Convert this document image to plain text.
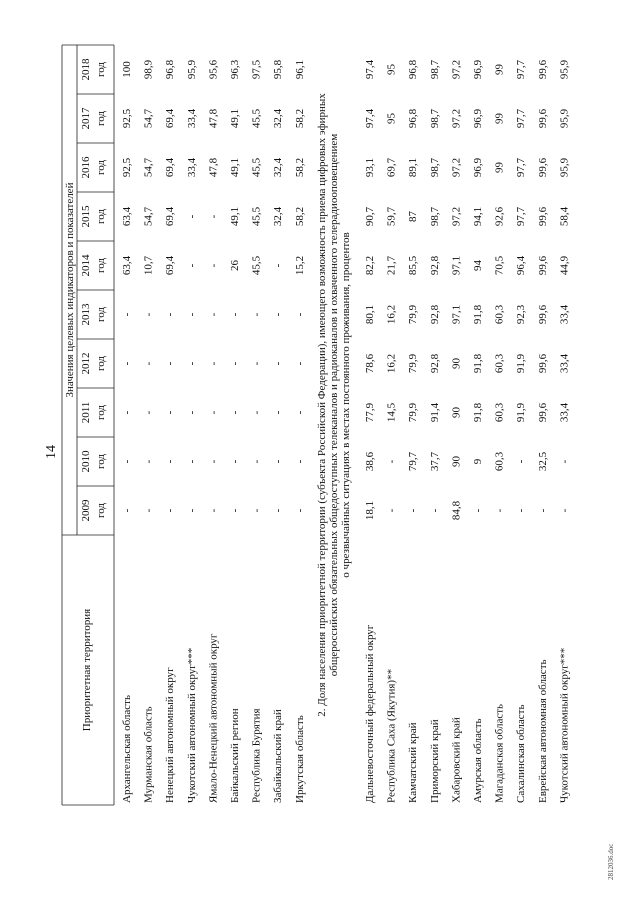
14
2812036.doc
Приоритетная территория
Значения целевых индикаторов и показателей
2009 год
2010 год
2011 год
2012 год
2013 год
2014 год
2015 год
2016 год
2017 год
2018 год
Архангельская область
-
-
-
-
-
63,4
63,4
92,5
92,5
100
Мурманская область
-
-
-
-
-
10,7
54,7
54,7
54,7
98,9
Ненецкий автономный округ
-
-
-
-
-
69,4
69,4
69,4
69,4
96,8
Чукотский автономный округ***
-
-
-
-
-
-
-
33,4
33,4
95,9
Ямало-Ненецкий автономный округ
-
-
-
-
-
-
-
47,8
47,8
95,6
Байкальский регион
-
-
-
-
-
26
49,1
49,1
49,1
96,3
Республика Бурятия
-
-
-
-
-
45,5
45,5
45,5
45,5
97,5
Забайкальский край
-
-
-
-
-
-
32,4
32,4
32,4
95,8
Иркутская область
-
-
-
-
-
15,2
58,2
58,2
58,2
96,1
2. Доля населения приоритетной территории (субъекта Российской Федерации), имеющего возможность приема цифровых эфирных общероссийских обязательных общедоступных телеканалов и радиоканалов и охваченного телерадиооповещением о чрезвычайных ситуациях в местах постоянного проживания, процентов
Дальневосточный федеральный округ
18,1
38,6
77,9
78,6
80,1
82,2
90,7
93,1
97,4
97,4
Республика Саха (Якутия)**
-
-
14,5
16,2
16,2
21,7
59,7
69,7
95
95
Камчатский край
-
79,7
79,9
79,9
79,9
85,5
87
89,1
96,8
96,8
Приморский край
-
37,7
91,4
92,8
92,8
92,8
98,7
98,7
98,7
98,7
Хабаровский край
84,8
90
90
90
97,1
97,1
97,2
97,2
97,2
97,2
Амурская область
-
9
91,8
91,8
91,8
94
94,1
96,9
96,9
96,9
Магаданская область
-
60,3
60,3
60,3
60,3
70,5
92,6
99
99
99
Сахалинская область
-
-
91,9
91,9
92,3
96,4
97,7
97,7
97,7
97,7
Еврейская автономная область
-
32,5
99,6
99,6
99,6
99,6
99,6
99,6
99,6
99,6
Чукотский автономный округ***
-
-
33,4
33,4
33,4
44,9
58,4
95,9
95,9
95,9
